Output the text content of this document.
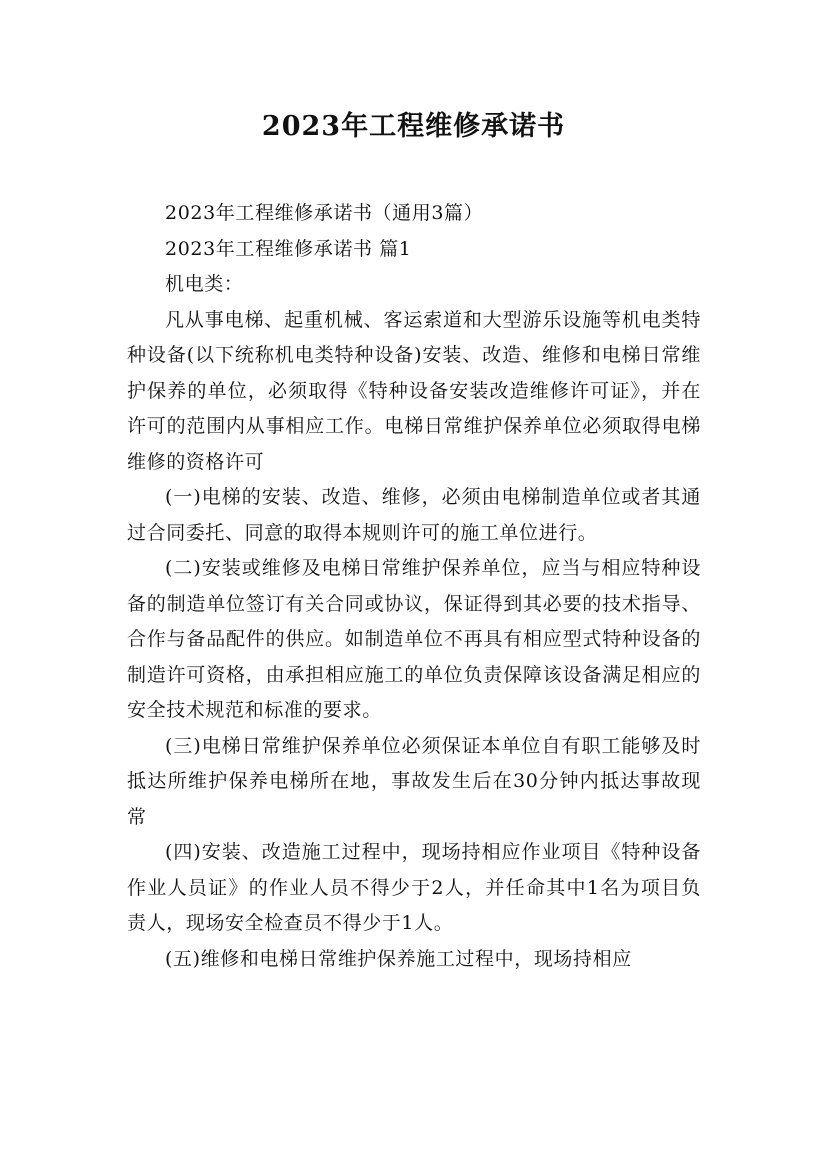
2023年工程维修承诺书

2023年工程维修承诺书（通用3篇）

2023年工程维修承诺书 篇1

机电类：

凡从事电梯、起重机械、客运索道和大型游乐设施等机电类特种设备(以下统称机电类特种设备)安装、改造、维修和电梯日常维护保养的单位，必须取得《特种设备安装改造维修许可证》，并在许可的范围内从事相应工作。电梯日常维护保养单位必须取得电梯维修的资格许可

(一)电梯的安装、改造、维修，必须由电梯制造单位或者其通过合同委托、同意的取得本规则许可的施工单位进行。

(二)安装或维修及电梯日常维护保养单位，应当与相应特种设备的制造单位签订有关合同或协议，保证得到其必要的技术指导、合作与备品配件的供应。如制造单位不再具有相应型式特种设备的制造许可资格，由承担相应施工的单位负责保障该设备满足相应的安全技术规范和标准的要求。

(三)电梯日常维护保养单位必须保证本单位自有职工能够及时抵达所维护保养电梯所在地，事故发生后在30分钟内抵达事故现常

(四)安装、改造施工过程中，现场持相应作业项目《特种设备作业人员证》的作业人员不得少于2人，并任命其中1名为项目负责人，现场安全检查员不得少于1人。

(五)维修和电梯日常维护保养施工过程中，现场持相应
